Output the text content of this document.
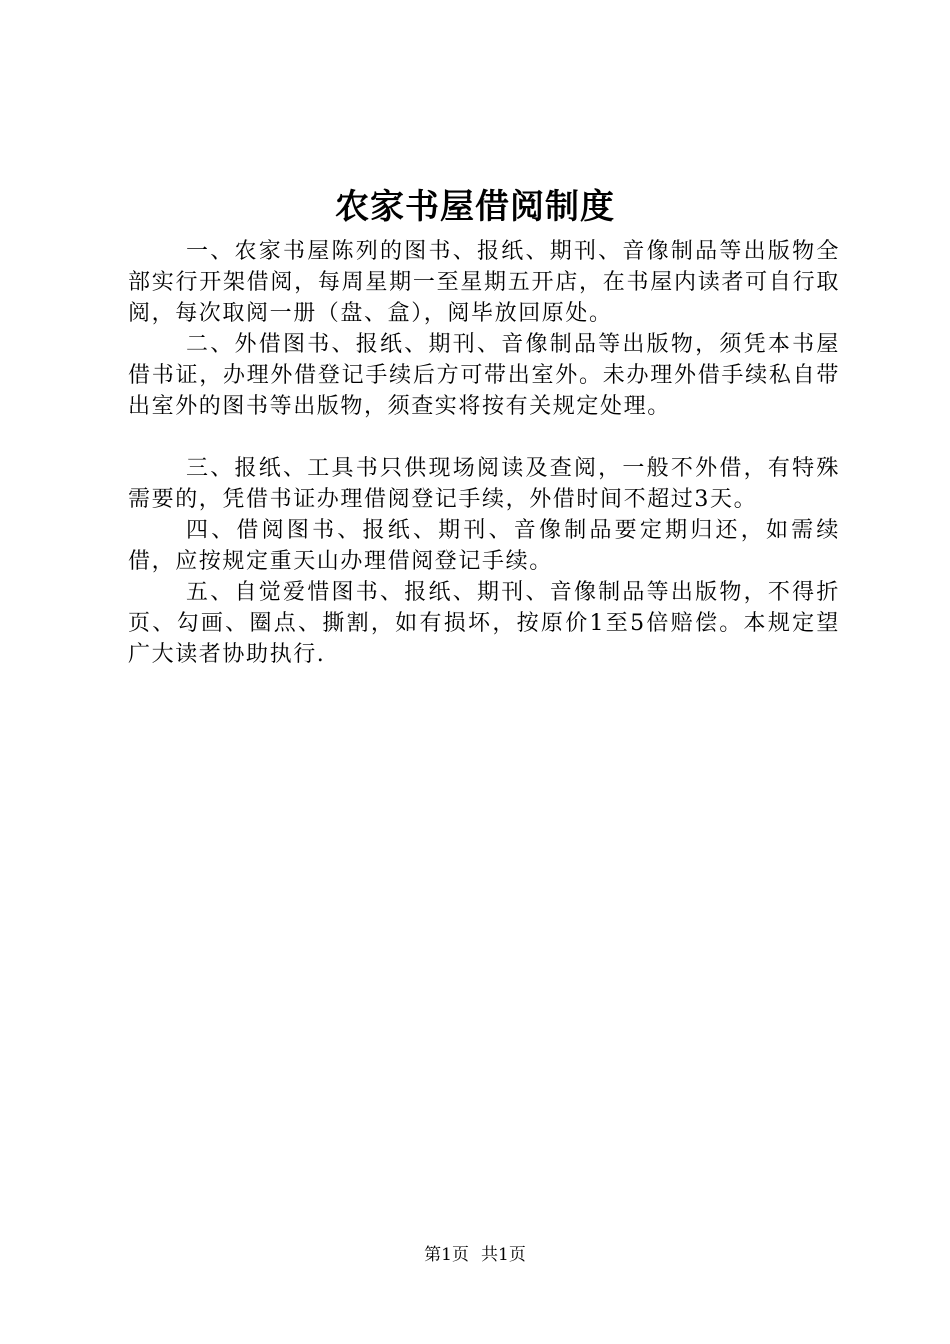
农家书屋借阅制度

一、农家书屋陈列的图书、报纸、期刊、音像制品等出版物全部实行开架借阅，每周星期一至星期五开店，在书屋内读者可自行取阅，每次取阅一册（盘、盒），阅毕放回原处。

二、外借图书、报纸、期刊、音像制品等出版物，须凭本书屋借书证，办理外借登记手续后方可带出室外。未办理外借手续私自带出室外的图书等出版物，须查实将按有关规定处理。

三、报纸、工具书只供现场阅读及查阅，一般不外借，有特殊需要的，凭借书证办理借阅登记手续，外借时间不超过3天。

四、借阅图书、报纸、期刊、音像制品要定期归还，如需续借，应按规定重天山办理借阅登记手续。

五、自觉爱惜图书、报纸、期刊、音像制品等出版物，不得折页、勾画、圈点、撕割，如有损坏，按原价1至5倍赔偿。本规定望广大读者协助执行.

第1页 共1页
